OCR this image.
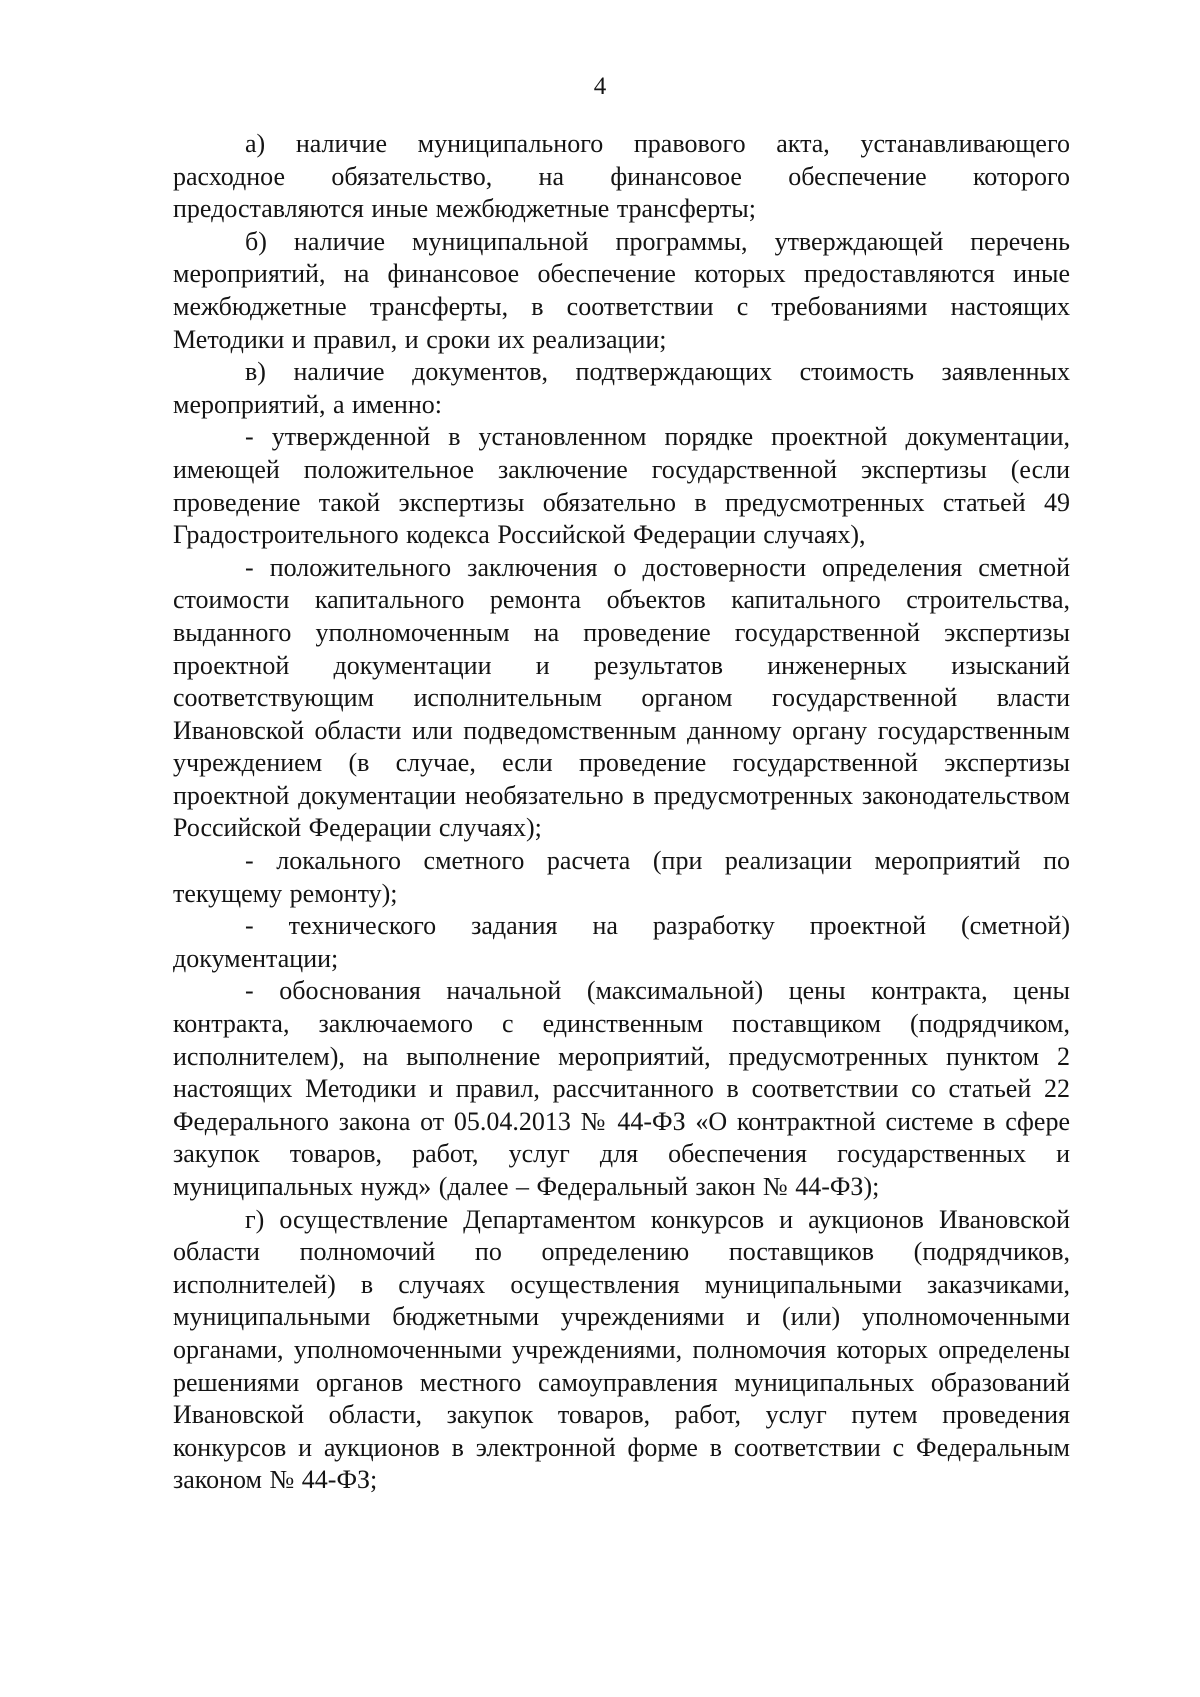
4

а) наличие муниципального правового акта, устанавливающего расходное обязательство, на финансовое обеспечение которого предоставляются иные межбюджетные трансферты;

б) наличие муниципальной программы, утверждающей перечень мероприятий, на финансовое обеспечение которых предоставляются иные межбюджетные трансферты, в соответствии с требованиями настоящих Методики и правил, и сроки их реализации;

в) наличие документов, подтверждающих стоимость заявленных мероприятий, а именно:

- утвержденной в установленном порядке проектной документации, имеющей положительное заключение государственной экспертизы (если проведение такой экспертизы обязательно в предусмотренных статьей 49 Градостроительного кодекса Российской Федерации случаях),

- положительного заключения о достоверности определения сметной стоимости капитального ремонта объектов капитального строительства, выданного уполномоченным на проведение государственной экспертизы проектной документации и результатов инженерных изысканий соответствующим исполнительным органом государственной власти Ивановской области или подведомственным данному органу государственным учреждением (в случае, если проведение государственной экспертизы проектной документации необязательно в предусмотренных законодательством Российской Федерации случаях);

- локального сметного расчета (при реализации мероприятий по текущему ремонту);

- технического задания на разработку проектной (сметной) документации;

- обоснования начальной (максимальной) цены контракта, цены контракта, заключаемого с единственным поставщиком (подрядчиком, исполнителем), на выполнение мероприятий, предусмотренных пунктом 2 настоящих Методики и правил, рассчитанного в соответствии со статьей 22 Федерального закона от 05.04.2013 № 44-ФЗ «О контрактной системе в сфере закупок товаров, работ, услуг для обеспечения государственных и муниципальных нужд» (далее – Федеральный закон № 44-ФЗ);

г) осуществление Департаментом конкурсов и аукционов Ивановской области полномочий по определению поставщиков (подрядчиков, исполнителей) в случаях осуществления муниципальными заказчиками, муниципальными бюджетными учреждениями и (или) уполномоченными органами, уполномоченными учреждениями, полномочия которых определены решениями органов местного самоуправления муниципальных образований Ивановской области, закупок товаров, работ, услуг путем проведения конкурсов и аукционов в электронной форме в соответствии с Федеральным законом № 44-ФЗ;
